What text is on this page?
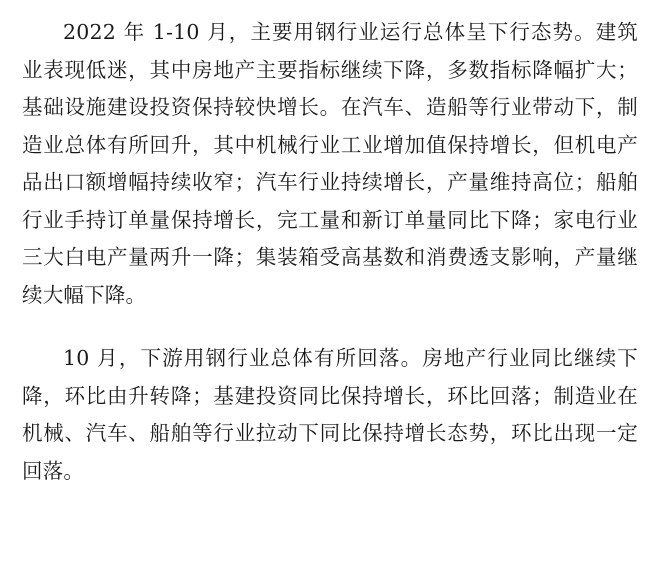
2022 年 1-10 月，主要用钢行业运行总体呈下行态势。建筑业表现低迷，其中房地产主要指标继续下降，多数指标降幅扩大；基础设施建设投资保持较快增长。在汽车、造船等行业带动下，制造业总体有所回升，其中机械行业工业增加值保持增长，但机电产品出口额增幅持续收窄；汽车行业持续增长，产量维持高位；船舶行业手持订单量保持增长，完工量和新订单量同比下降；家电行业三大白电产量两升一降；集装箱受高基数和消费透支影响，产量继续大幅下降。

10 月，下游用钢行业总体有所回落。房地产行业同比继续下降，环比由升转降；基建投资同比保持增长，环比回落；制造业在机械、汽车、船舶等行业拉动下同比保持增长态势，环比出现一定回落。
